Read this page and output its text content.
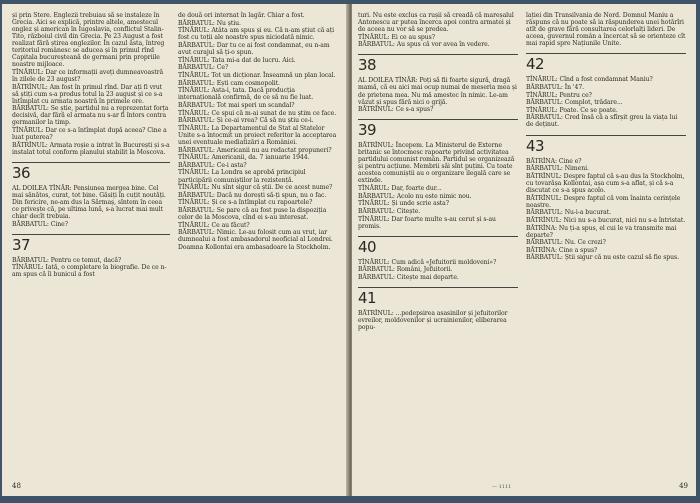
și prin Stere. Englezii trebuiau să se instaleze în Grecia. Aici se explică, printre altele, amestecul englez și american în Iugoslavia, conflictul Stalin-Tito, războiul civil din Grecia. Pe 23 August a fost realizat fără știrea englezilor. În cazul ăsta, întreg teritoriul românesc se aducea și în primul rînd Capitala bucureșteană de germani prin propriile noastre mijloace.

TÎNĂRUL: Dar ce informații aveți dumneavoastră în zilele de 23 august?

BĂTRÎNUL: Am fost în primul rînd. Dar ați fi vrut să știți cum s-a produs totul la 23 august și ce s-a întîmplat cu armata noastră în primele ore.

BĂRBATUL: Se știe, partidul nu a reprezentat forța decisivă, dar fără el armata nu s-ar fi întors contra germanilor la timp.

TÎNĂRUL: Dar ce s-a întîmplat după aceea? Cine a luat puterea?

BĂTRÎNUL: Armata roșie a intrat în București și s-a instalat totul conform planului stabilit la Moscova.

36

AL DOILEA TÎNĂR: Pensiunea mergea bine. Cel mai sănătos, curat, tot bine. Găsiți în cuțit noutăți. Din fericire, ne-am dus la Sărmaș, sîntem în ceea ce privește că, pe ultima lună, s-a lucrat mai mult chiar decît trebuia.

BĂRBATUL: Cine?

37

BĂRBATUL: Pentru ce temut, dacă?

TÎNĂRUL: Iată, o completare la biografie. De ce n-am spus că îi bunicul a fost

de două ori internat în lagăr. Chiar a fost.

BĂRBATUL: Nu știu.

TÎNĂRUL: Atâta am spus și eu. Că n-am știut că ați fost cu toții ale noastre spus niciodată nimic.

BĂRBATUL: Dar tu ce ai fost condamnat, eu n-am avut curajul să ți-o spun.

TÎNĂRUL: Tata mi-a dat de lucru. Aici.

BĂRBATUL: Ce?

TÎNĂRUL: Tot un dicționar. Înseamnă un plan local.

BĂRBATUL: Ești cam cosmopolit.

TÎNĂRUL: Asta-i, tata. Dacă producția internațională confirmă, de ce să nu fie luat.

BĂRBATUL: Tot mai speri un scandal?

TÎNĂRUL: Ce spui că m-ai sunat de nu știm ce face.

BĂRBATUL: Și ce-ai vrea? Că să nu știu ce-i.

TÎNĂRUL: La Departamentul de Stat al Statelor Unite s-a întocmit un proiect referitor la acceptarea unei eventuale mediatizări a României.

BĂRBATUL: Americanii nu au redactat propuneri?

TÎNĂRUL: Americanii, da. 7 ianuarie 1944.

BĂRBATUL: Ce-i asta?

TÎNĂRUL: La Londra se aprobă principiul participării comuniștilor la rezistență.

TÎNĂRUL: Nu sînt sigur că știi. De ce acest nume?

BĂRBATUL: Dacă nu dorești să-ți spun, nu o fac.

TÎNĂRUL: Și ce s-a întîmplat cu rapoartele?

BĂRBATUL: Se pare că au fost puse la dispoziția celor de la Moscova, cînd ei s-au interesat.

TÎNĂRUL: Ce au făcut?

BĂRBATUL: Nimic. Le-au folosit cum au vrut, iar dumnealui a fost ambasadorul neoficial al Londrei. Doamna Kollontai era ambasadoare la Stockholm.

48

turi. Nu este exclus ca rușii să creadă că mareșalul Antonescu ar putea încerca apoi contra armatei și de aceea nu vor să se predea.

TÎNĂRUL: Ei ce au spus?

BĂRBATUL: Au spus că vor avea în vedere.

38

AL DOILEA TÎNĂR: Poți să fii foarte sigură, dragă mamă, că eu aici mai ocup numai de meseria mea și de prietena mea. Nu mă amestec în nimic. Le-am văzut și spus fără nici o grijă.

BĂTRÎNUL: Ce s-a spus?

39

BĂTRÎNUL: Începem. La Ministerul de Externe britanic se întocmesc rapoarte privind activitatea partidului comunist român. Partidul se organizează și pentru acțiune. Membrii săi sînt puțini. Cu toate acestea comuniștii au o organizare ilegală care se extinde.

TÎNĂRUL: Dar, foarte dur...

BĂRBATUL: Acolo nu este nimic nou.

TÎNĂRUL: Și unde scrie asta?

BĂRBATUL: Citește.

TÎNĂRUL: Dar foarte multe s-au cerut și s-au promis.

40

TÎNĂRUL: Cum adică «Jefuitorii moldoveni»?

BĂRBATUL: Români, Jefuitorii.

BĂRBATUL: Citește mai departe.

41

BĂTRÎNUL: ...pedepsirea asasinilor și jefuitorilor evreilor, moldovenilor și ucrainienilor, eliberarea popu-

lației din Transilvania de Nord. Domnul Maniu a răspuns că nu poate să ia răspunderea unei hotărîri atît de grave fără consultarea celorlalți lideri. De aceea, guvernul român a încercat să se orienteze cît mai rapid spre Națiunile Unite.

42

TÎNĂRUL: Cînd a fost condamnat Maniu?

BĂRBATUL: În '47.

TÎNĂRUL: Pentru ce?

BĂRBATUL: Complot, trădare...

TÎNĂRUL: Poate. Ce se poate.

BĂRBATUL: Cred însă că a sfîrșit greu la viața lui de deținut.

43

BĂTRÎNA: Cine e?

BĂRBATUL: Nimeni.

BĂTRÎNUL: Despre faptul că s-au dus la Stockholm, cu tovarășa Kollontai, așa cum s-a aflat, și că s-a discutat ce s-a spus acolo.

BĂTRÎNUL: Despre faptul că vom înainta cerințele noastre.

BĂRBATUL: Nu-i-a bucurat.

BĂTRÎNUL: Nici nu s-a bucurat, nici nu s-a întristat.

BĂTRÎNA: Nu ți-a spus, el cui le va transmite mai departe?

BĂRBATUL: Nu. Ce crezi?

BĂTRÎNA: Cine a spus?

BĂRBATUL: Știi sigur că nu este cazul să fie spus.

— 1111	49
